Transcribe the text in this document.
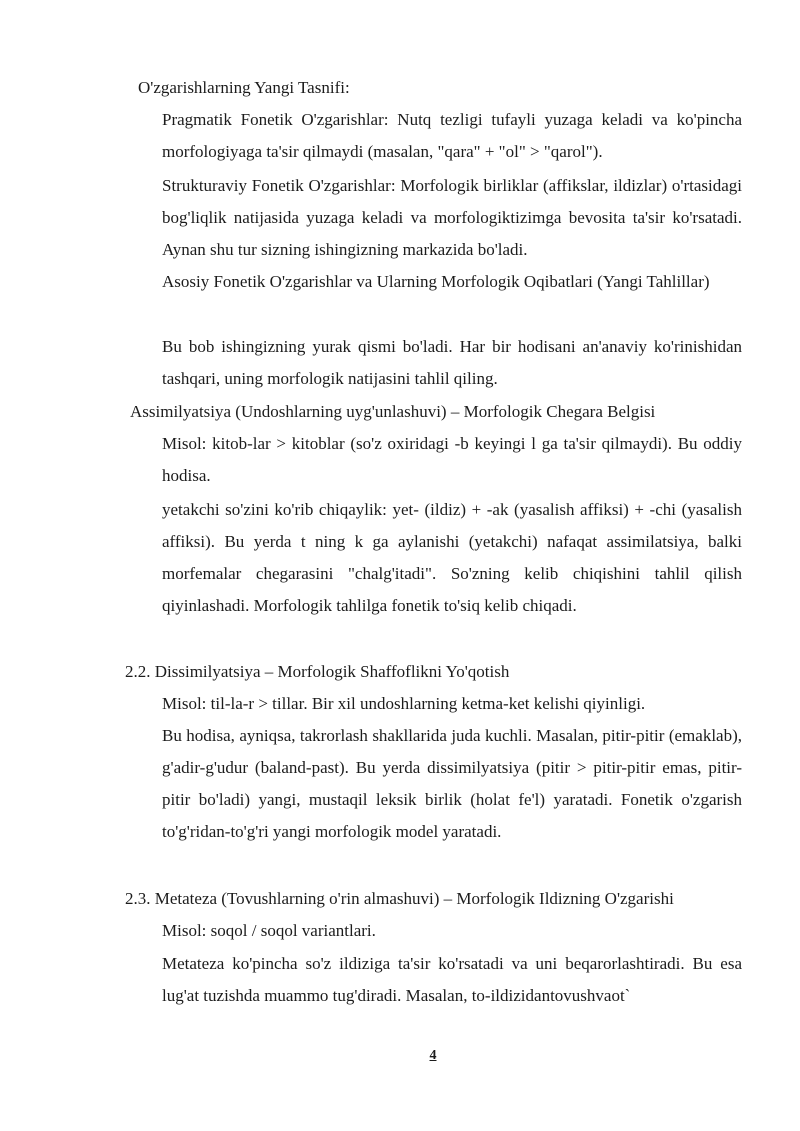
O'zgarishlarning Yangi Tasnifi:
Pragmatik Fonetik O'zgarishlar: Nutq tezligi tufayli yuzaga keladi va ko'pincha morfologiyaga ta'sir qilmaydi (masalan, "qara" + "ol" > "qarol").
Strukturaviy Fonetik O'zgarishlar: Morfologik birliklar (affikslar, ildizlar) o'rtasidagi bog'liqlik natijasida yuzaga keladi va morfologiktizimga bevosita ta'sir ko'rsatadi. Aynan shu tur sizning ishingizning markazida bo'ladi.
Asosiy Fonetik O'zgarishlar va Ularning Morfologik Oqibatlari (Yangi Tahlillar)
Bu bob ishingizning yurak qismi bo'ladi. Har bir hodisani an'anaviy ko'rinishidan tashqari, uning morfologik natijasini tahlil qiling.
Assimilyatsiya (Undoshlarning uyg'unlashuvi) – Morfologik Chegara Belgisi
Misol: kitob-lar > kitoblar (so'z oxiridagi -b keyingi l ga ta'sir qilmaydi). Bu oddiy hodisa.
yetakchi so'zini ko'rib chiqaylik: yet- (ildiz) + -ak (yasalish affiksi) + -chi (yasalish affiksi). Bu yerda t ning k ga aylanishi (yetakchi) nafaqat assimilatsiya, balki morfemalar chegarasini "chalg'itadi". So'zning kelib chiqishini tahlil qilish qiyinlashadi. Morfologik tahlilga fonetik to'siq kelib chiqadi.
2.2. Dissimilyatsiya – Morfologik Shaffoflikni Yo'qotish
Misol: til-la-r > tillar. Bir xil undoshlarning ketma-ket kelishi qiyinligi.
Bu hodisa, ayniqsa, takrorlash shakllarida juda kuchli. Masalan, pitir-pitir (emaklab), g'adir-g'udur (baland-past). Bu yerda dissimilyatsiya (pitir > pitir-pitir emas, pitir-pitir bo'ladi) yangi, mustaqil leksik birlik (holat fe'l) yaratadi. Fonetik o'zgarish to'g'ridan-to'g'ri yangi morfologik model yaratadi.
2.3. Metateza (Tovushlarning o'rin almashuvi) – Morfologik Ildizning O'zgarishi
Misol: soqol / soqol variantlari.
Metateza ko'pincha so'z ildiziga ta'sir ko'rsatadi va uni beqarorlashtiradi. Bu esa lug'at tuzishda muammo tug'diradi. Masalan, to-ildizidantovushvaot`
4
